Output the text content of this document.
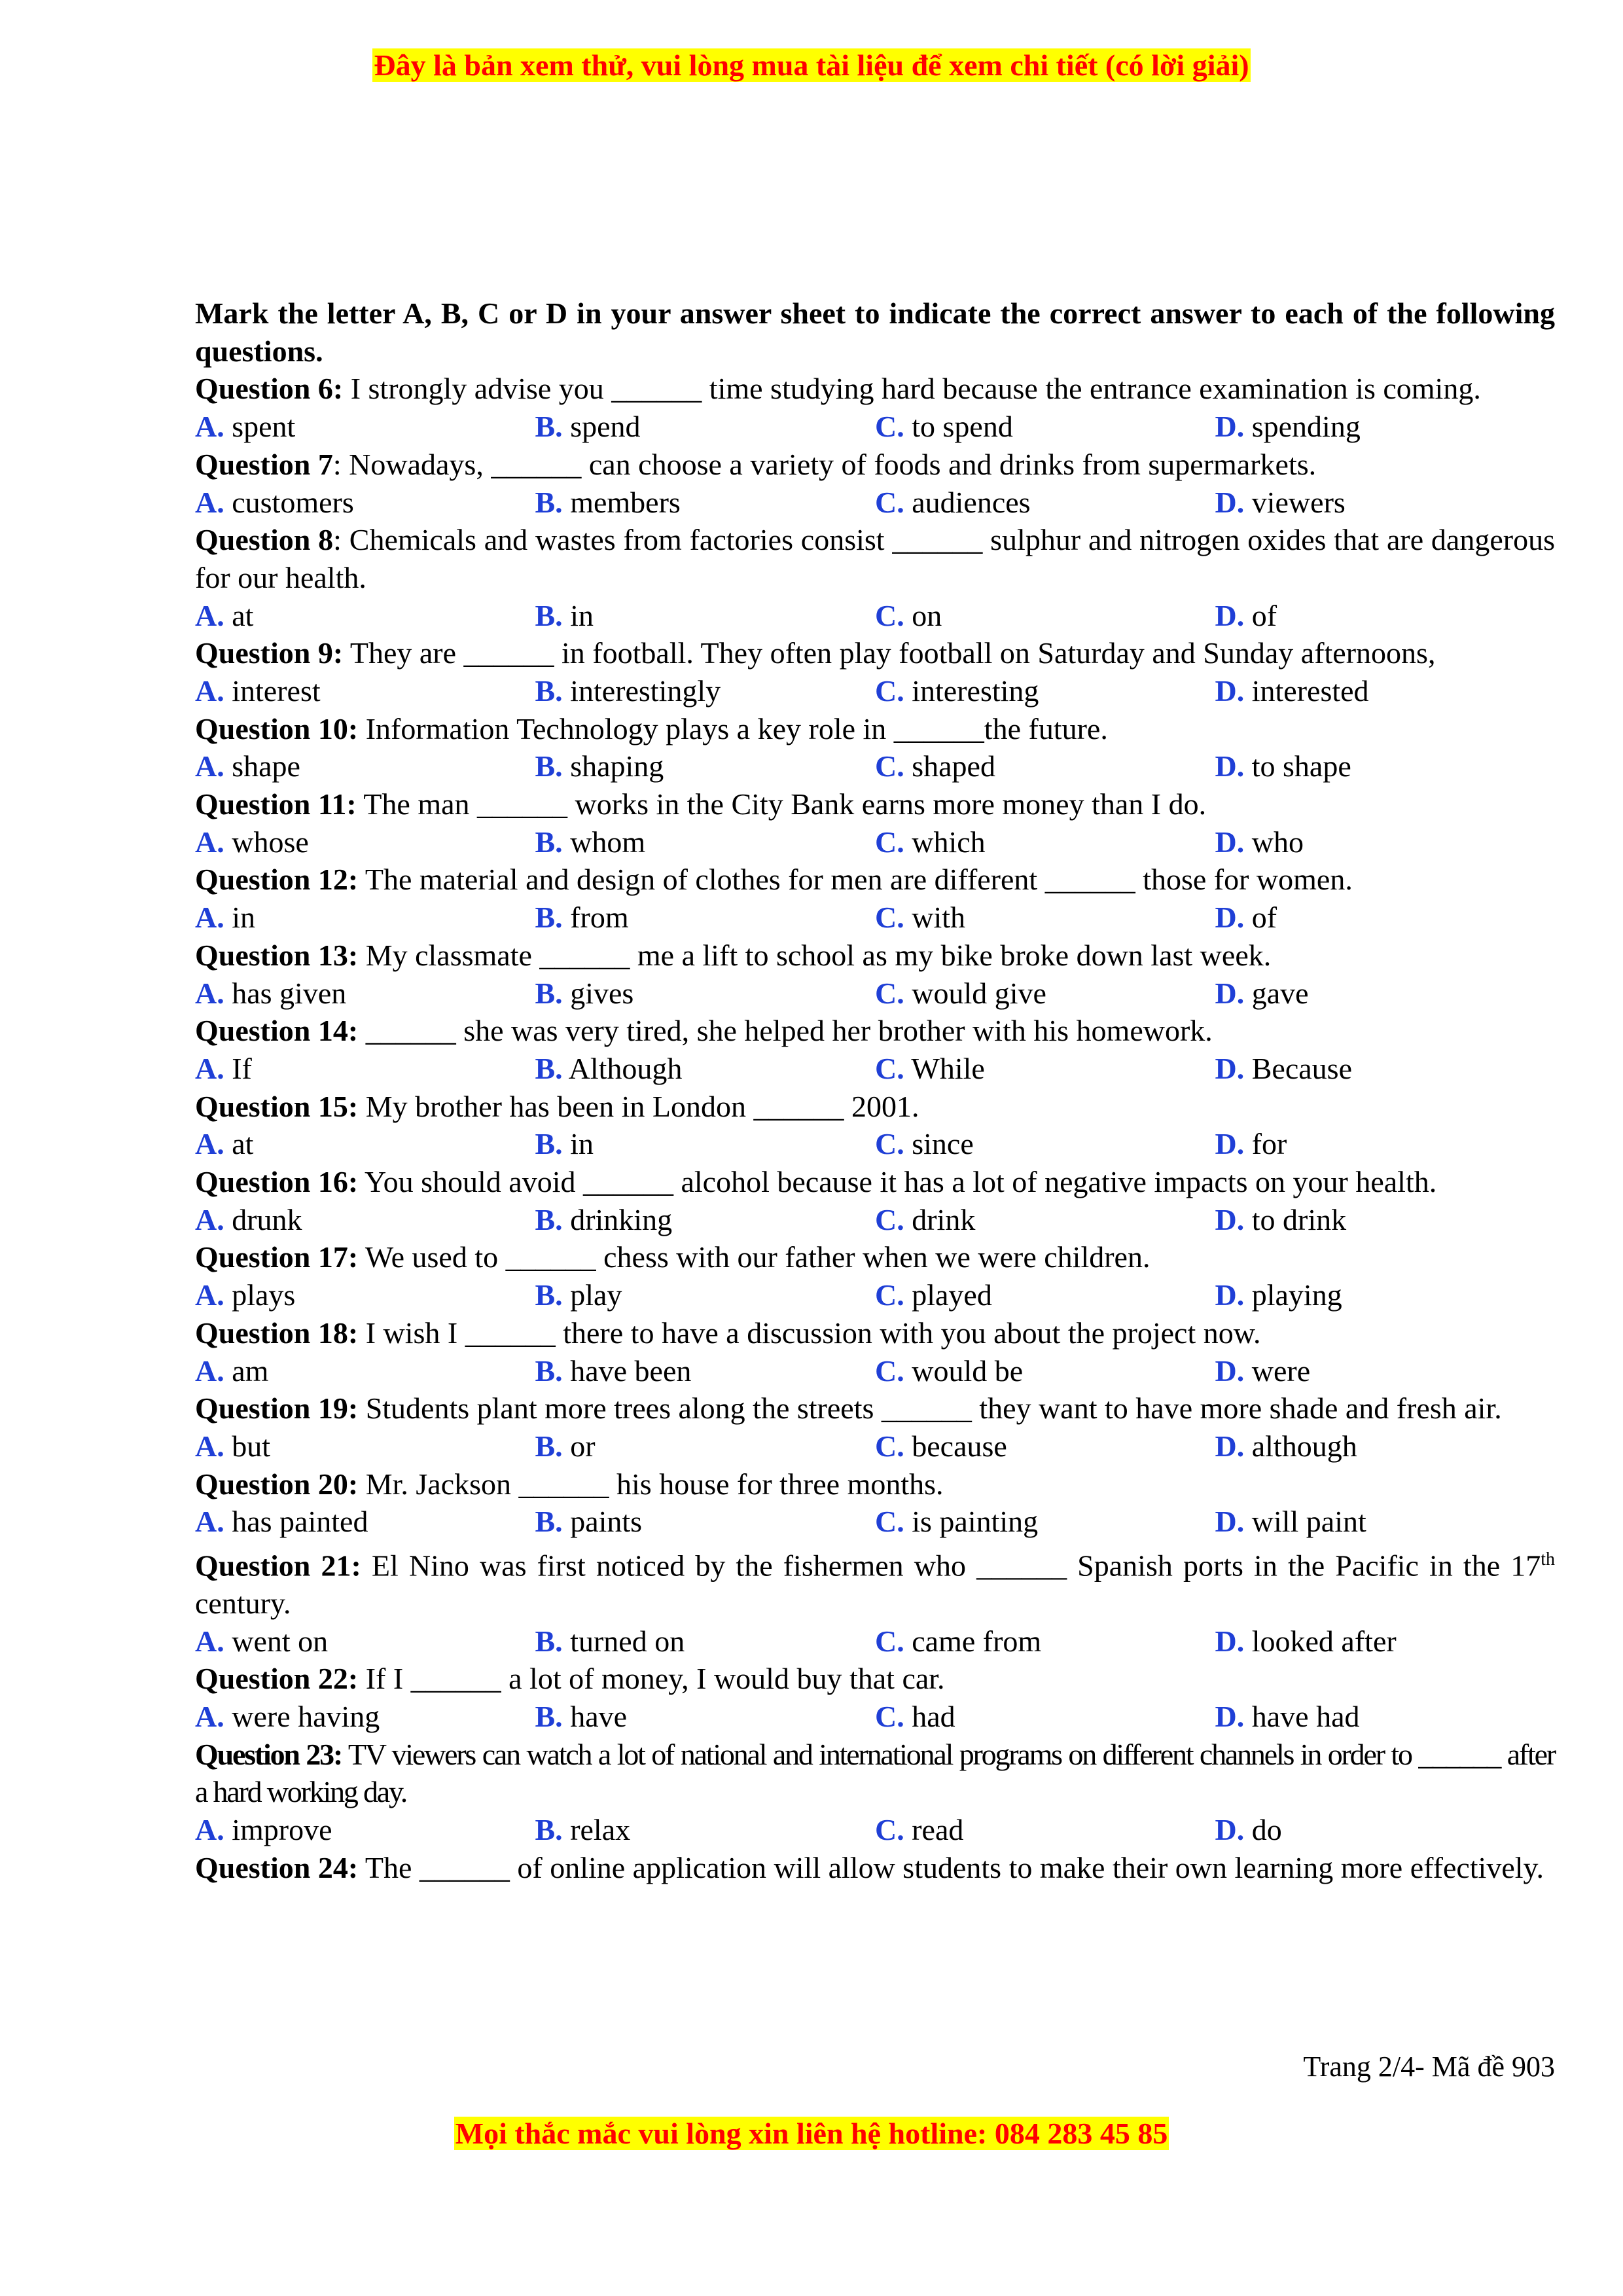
Đây là bản xem thử, vui lòng mua tài liệu để xem chi tiết (có lời giải)
Mark the letter A, B, C or D in your answer sheet to indicate the correct answer to each of the following questions.
Question 6: I strongly advise you ______ time studying hard because the entrance examination is coming.
A. spent	B. spend	C. to spend	D. spending
Question 7: Nowadays, ______ can choose a variety of foods and drinks from supermarkets.
A. customers	B. members	C. audiences	D. viewers
Question 8: Chemicals and wastes from factories consist ______ sulphur and nitrogen oxides that are dangerous for our health.
A. at	B. in	C. on	D. of
Question 9: They are ______ in football. They often play football on Saturday and Sunday afternoons,
A. interest	B. interestingly	C. interesting	D. interested
Question 10: Information Technology plays a key role in ______the future.
A. shape	B. shaping	C. shaped	D. to shape
Question 11: The man ______ works in the City Bank earns more money than I do.
A. whose	B. whom	C. which	D. who
Question 12: The material and design of clothes for men are different ______ those for women.
A. in	B. from	C. with	D. of
Question 13: My classmate ______ me a lift to school as my bike broke down last week.
A. has given	B. gives	C. would give	D. gave
Question 14: ______ she was very tired, she helped her brother with his homework.
A. If	B. Although	C. While	D. Because
Question 15: My brother has been in London ______ 2001.
A. at	B. in	C. since	D. for
Question 16: You should avoid ______ alcohol because it has a lot of negative impacts on your health.
A. drunk	B. drinking	C. drink	D. to drink
Question 17: We used to ______ chess with our father when we were children.
A. plays	B. play	C. played	D. playing
Question 18: I wish I ______ there to have a discussion with you about the project now.
A. am	B. have been	C. would be	D. were
Question 19: Students plant more trees along the streets ______ they want to have more shade and fresh air.
A. but	B. or	C. because	D. although
Question 20: Mr. Jackson ______ his house for three months.
A. has painted	B. paints	C. is painting	D. will paint
Question 21: El Nino was first noticed by the fishermen who ______ Spanish ports in the Pacific in the 17th century.
A. went on	B. turned on	C. came from	D. looked after
Question 22: If I ______ a lot of money, I would buy that car.
A. were having	B. have	C. had	D. have had
Question 23: TV viewers can watch a lot of national and international programs on different channels in order to ______ after a hard working day.
A. improve	B. relax	C. read	D. do
Question 24: The ______ of online application will allow students to make their own learning more effectively.
Trang 2/4- Mã đề 903
Mọi thắc mắc vui lòng xin liên hệ hotline: 084 283 45 85
